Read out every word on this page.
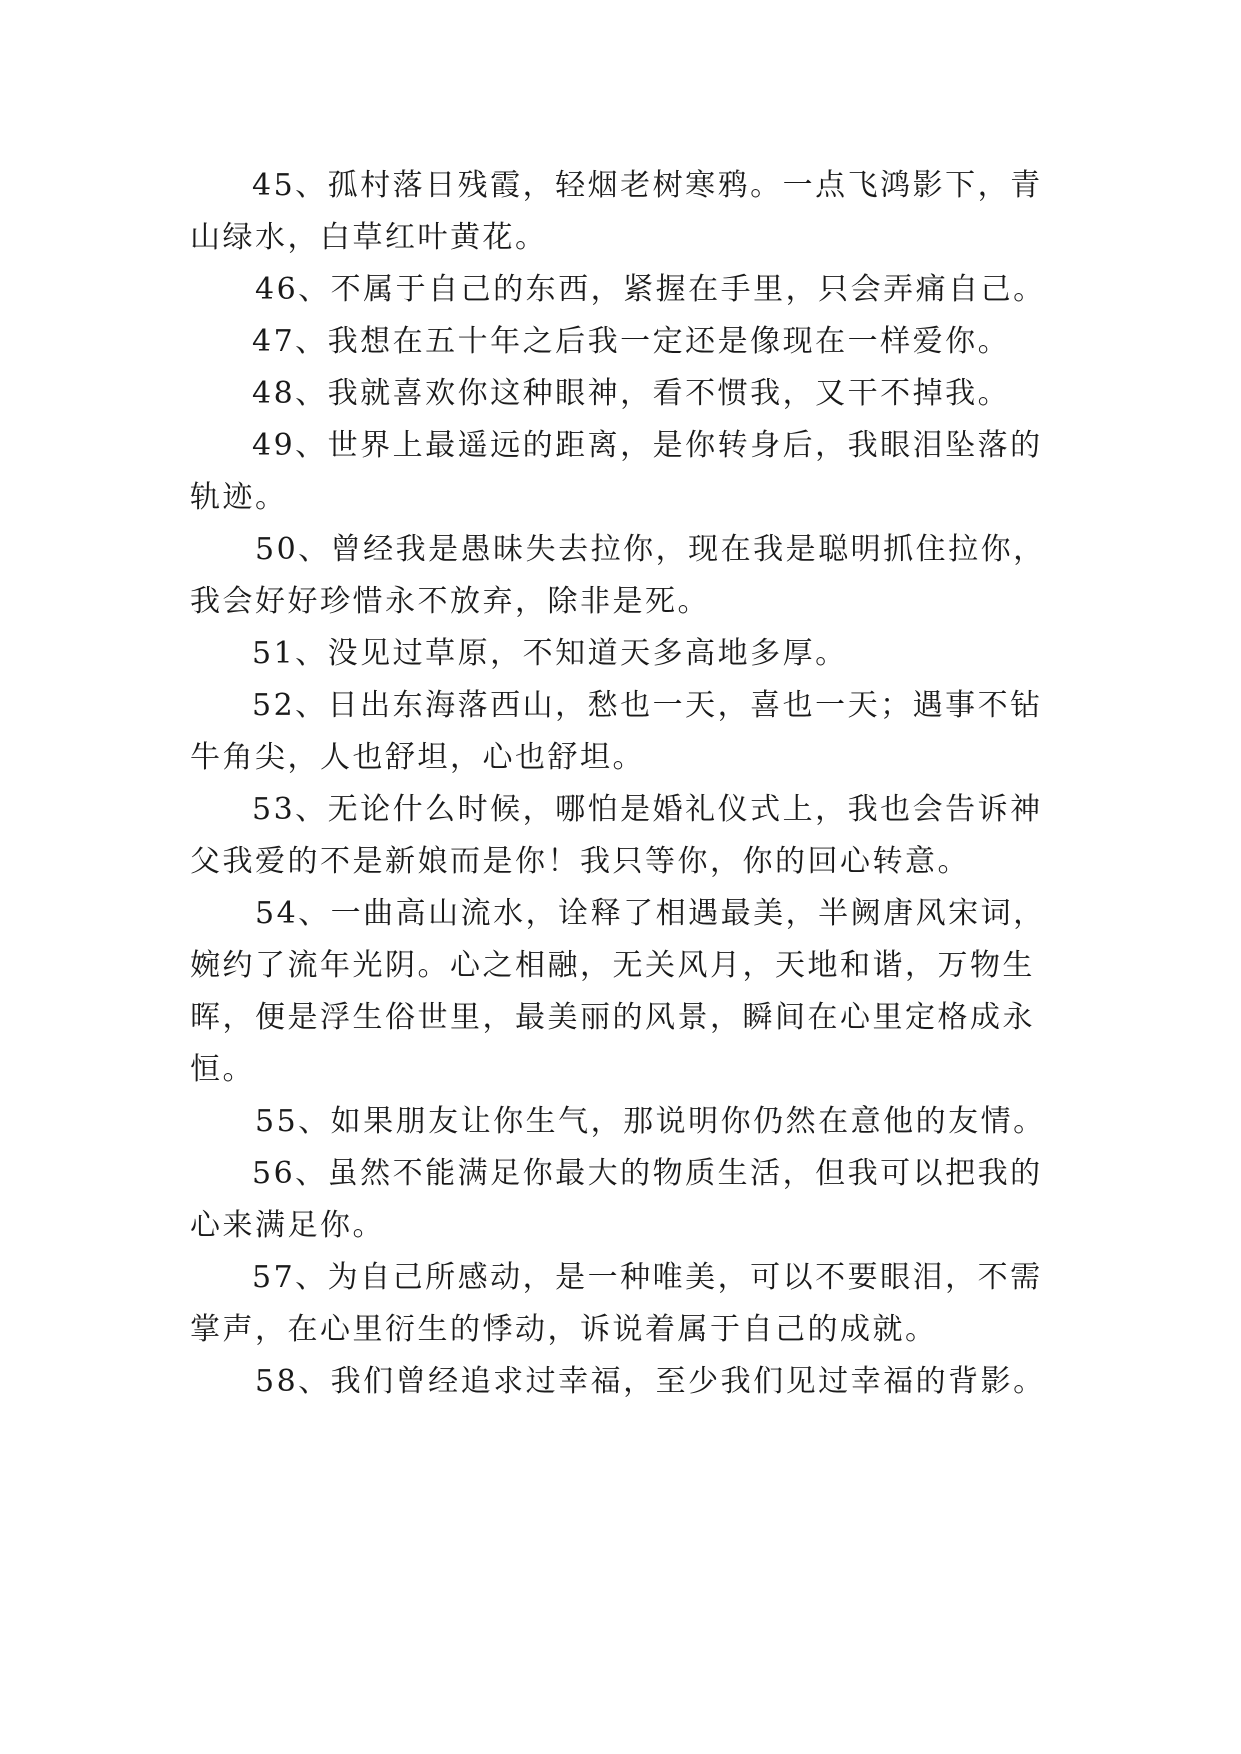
45、孤村落日残霞，轻烟老树寒鸦。一点飞鸿影下，青
山绿水，白草红叶黄花。
46、不属于自己的东西，紧握在手里，只会弄痛自己。
47、我想在五十年之后我一定还是像现在一样爱你。
48、我就喜欢你这种眼神，看不惯我，又干不掉我。
49、世界上最遥远的距离，是你转身后，我眼泪坠落的
轨迹。
50、曾经我是愚昧失去拉你，现在我是聪明抓住拉你，
我会好好珍惜永不放弃，除非是死。
51、没见过草原，不知道天多高地多厚。
52、日出东海落西山，愁也一天，喜也一天；遇事不钻
牛角尖，人也舒坦，心也舒坦。
53、无论什么时候，哪怕是婚礼仪式上，我也会告诉神
父我爱的不是新娘而是你！我只等你，你的回心转意。
54、一曲高山流水，诠释了相遇最美，半阙唐风宋词，
婉约了流年光阴。心之相融，无关风月，天地和谐，万物生
晖，便是浮生俗世里，最美丽的风景，瞬间在心里定格成永
恒。
55、如果朋友让你生气，那说明你仍然在意他的友情。
56、虽然不能满足你最大的物质生活，但我可以把我的
心来满足你。
57、为自己所感动，是一种唯美，可以不要眼泪，不需
掌声，在心里衍生的悸动，诉说着属于自己的成就。
58、我们曾经追求过幸福，至少我们见过幸福的背影。
